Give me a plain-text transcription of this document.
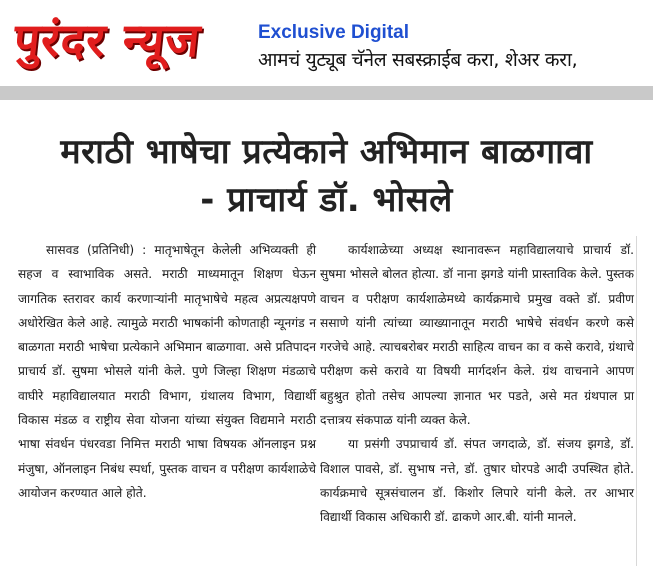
पुरंदर न्यूज	Exclusive Digital
आमचं युट्यूब चॅनेल सबस्क्राईब करा, शेअर करा,
मराठी भाषेचा प्रत्येकाने अभिमान बाळगावा
- प्राचार्य डॉ. भोसले

सासवड (प्रतिनिधी) : मातृभाषेतून केलेली अभिव्यक्ती ही सहज व स्वाभाविक असते. मराठी माध्यमातून शिक्षण घेऊन जागतिक स्तरावर कार्य करणाऱ्यांनी मातृभाषेचे महत्व अप्रत्यक्षपणे अधोरेखित केले आहे. त्यामुळे मराठी भाषकांनी कोणताही न्यूनगंड न बाळगता मराठी भाषेचा प्रत्येकाने अभिमान बाळगावा. असे प्रतिपादन प्राचार्य डॉ. सुषमा भोसले यांनी केले. पुणे जिल्हा शिक्षण मंडळाचे वाघीरे महाविद्यालयात मराठी विभाग, ग्रंथालय विभाग, विद्यार्थी विकास मंडळ व राष्ट्रीय सेवा योजना यांच्या संयुक्त विद्यमाने मराठी भाषा संवर्धन पंधरवडा निमित्त मराठी भाषा विषयक ऑनलाइन प्रश्न मंजुषा, ऑनलाइन निबंध स्पर्धा, पुस्तक वाचन व परीक्षण कार्यशाळेचे आयोजन करण्यात आले होते.

कार्यशाळेच्या अध्यक्ष स्थानावरून महाविद्यालयाचे प्राचार्य डॉ. सुषमा भोसले बोलत होत्या. डॉ नाना झगडे यांनी प्रास्ताविक केले. पुस्तक वाचन व परीक्षण कार्यशाळेमध्ये कार्यक्रमाचे प्रमुख वक्ते डॉ. प्रवीण ससाणे यांनी त्यांच्या व्याख्यानातून मराठी भाषेचे संवर्धन करणे कसे गरजेचे आहे. त्याचबरोबर मराठी साहित्य वाचन का व कसे करावे, ग्रंथाचे परीक्षण कसे करावे या विषयी मार्गदर्शन केले. ग्रंथ वाचनाने आपण बहुश्रुत होतो तसेच आपल्या ज्ञानात भर पडते, असे मत ग्रंथपाल प्रा दत्तात्रय संकपाळ यांनी व्यक्त केले.

या प्रसंगी उपप्राचार्य डॉ. संपत जगदाळे, डॉ. संजय झगडे, डॉ. विशाल पावसे, डॉ. सुभाष नत्ते, डॉ. तुषार घोरपडे आदी उपस्थित होते. कार्यक्रमाचे सूत्रसंचालन डॉ. किशोर लिपारे यांनी केले. तर आभार विद्यार्थी विकास अधिकारी डॉ. ढाकणे आर.बी. यांनी मानले.
